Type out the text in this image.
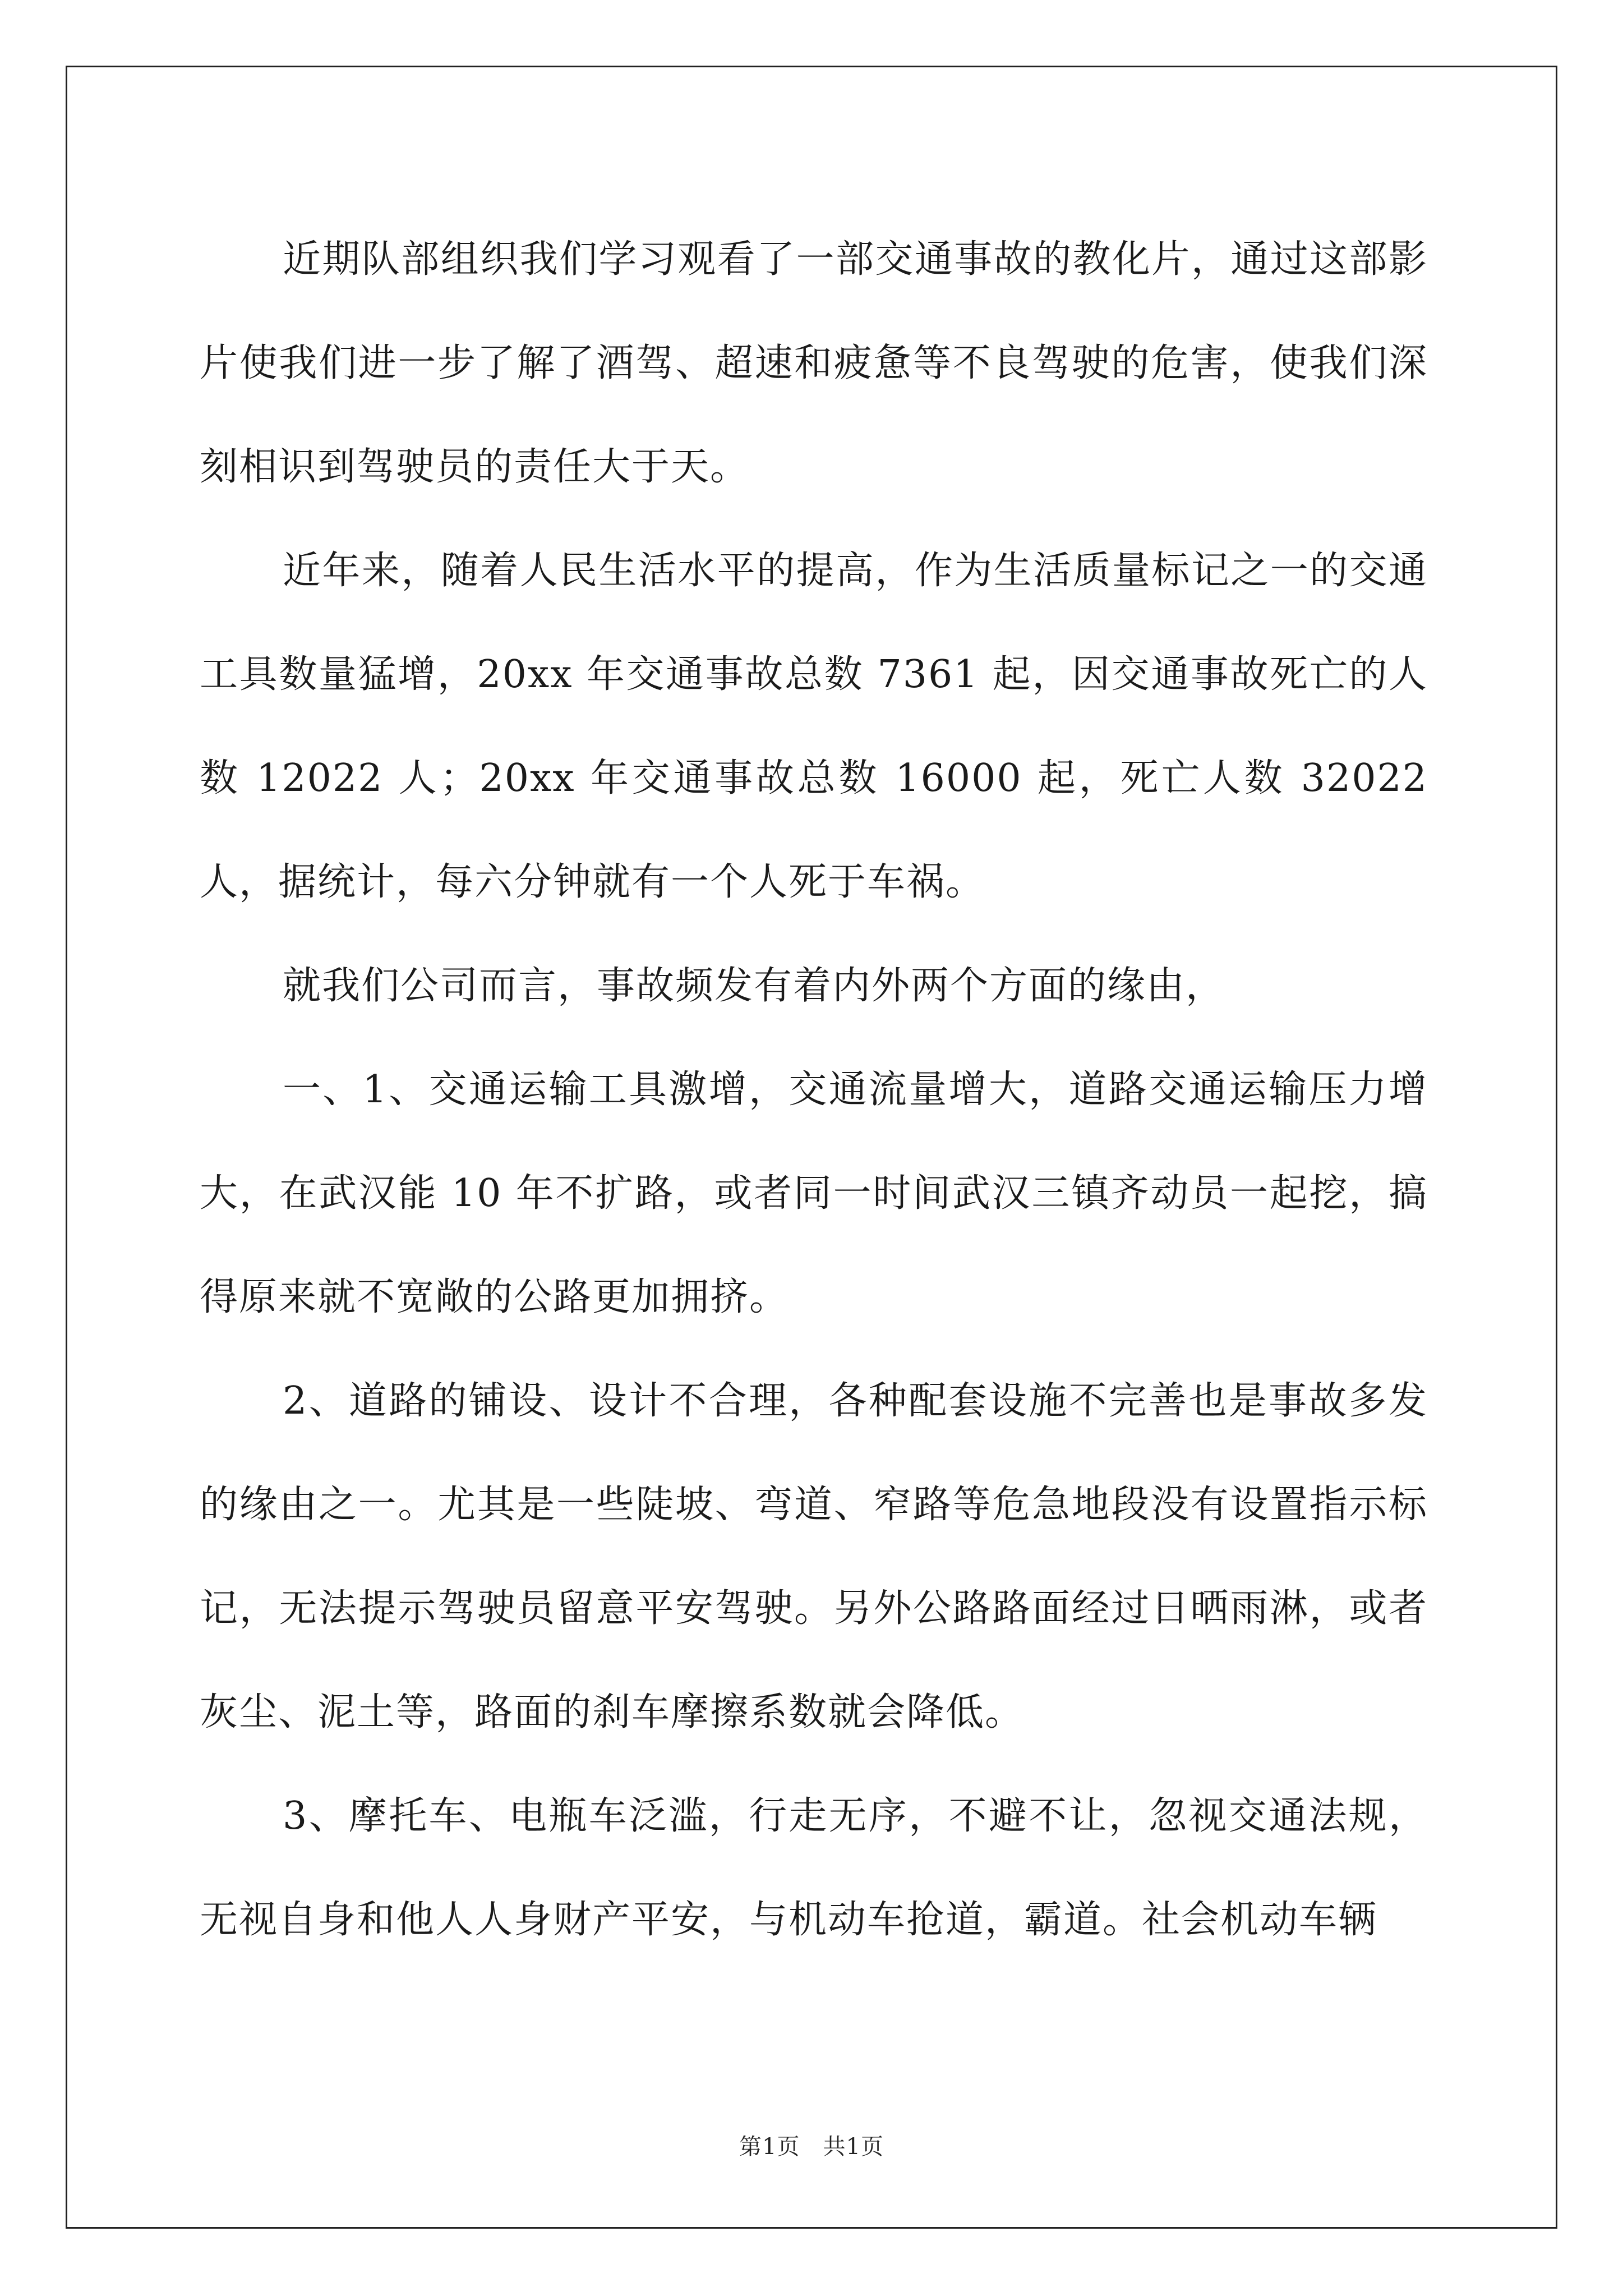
近期队部组织我们学习观看了一部交通事故的教化片，通过这部影片使我们进一步了解了酒驾、超速和疲惫等不良驾驶的危害，使我们深刻相识到驾驶员的责任大于天。

近年来，随着人民生活水平的提高，作为生活质量标记之一的交通工具数量猛增，20xx 年交通事故总数 7361 起，因交通事故死亡的人数 12022 人；20xx 年交通事故总数 16000 起，死亡人数 32022 人，据统计，每六分钟就有一个人死于车祸。

就我们公司而言，事故频发有着内外两个方面的缘由，

一、1、交通运输工具激增，交通流量增大，道路交通运输压力增大，在武汉能 10 年不扩路，或者同一时间武汉三镇齐动员一起挖，搞得原来就不宽敞的公路更加拥挤。

2、道路的铺设、设计不合理，各种配套设施不完善也是事故多发的缘由之一。尤其是一些陡坡、弯道、窄路等危急地段没有设置指示标记，无法提示驾驶员留意平安驾驶。另外公路路面经过日晒雨淋，或者灰尘、泥土等，路面的刹车摩擦系数就会降低。

3、摩托车、电瓶车泛滥，行走无序，不避不让，忽视交通法规，无视自身和他人人身财产平安，与机动车抢道，霸道。社会机动车辆

第1页　共1页
